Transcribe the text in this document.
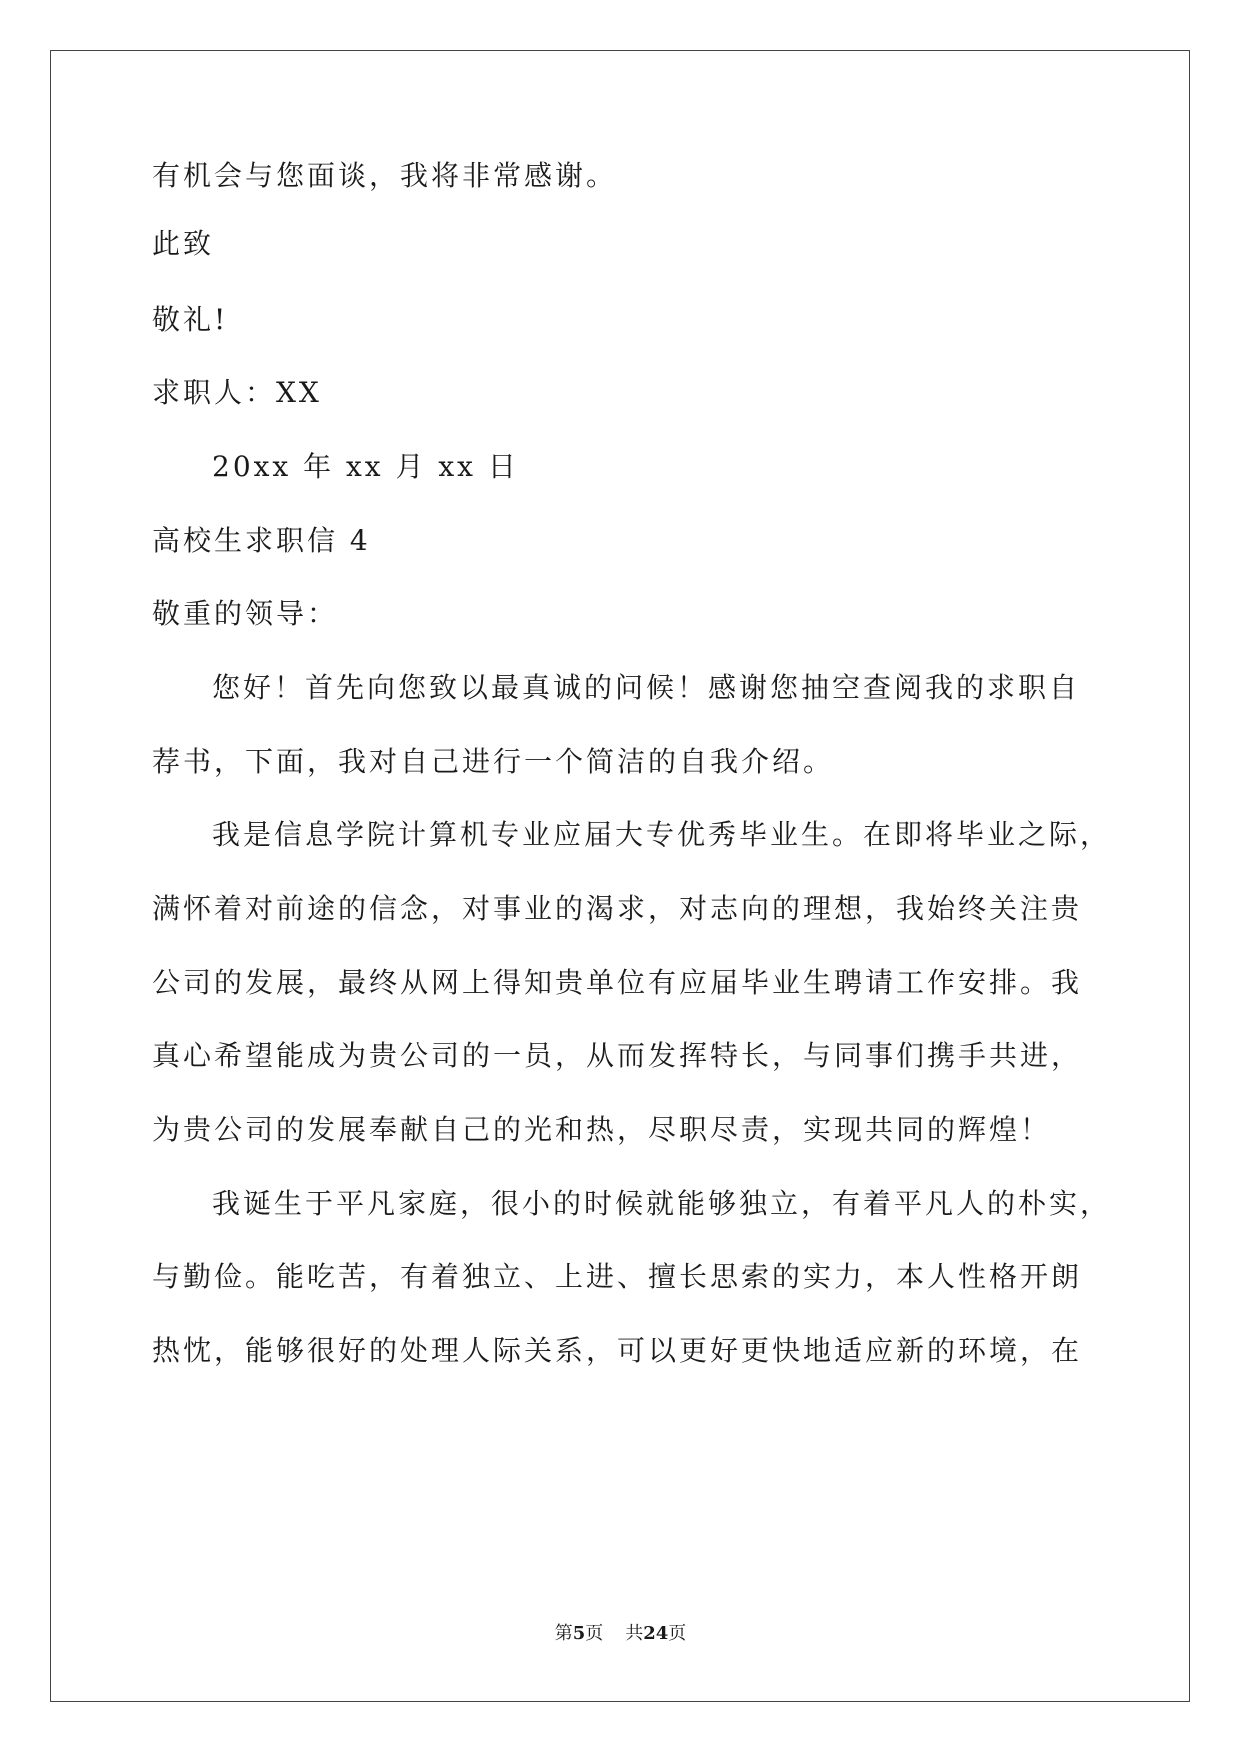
有机会与您面谈，我将非常感谢。
此致
敬礼!
求职人：XX
20xx 年 xx 月 xx 日
高校生求职信 4
敬重的领导：
您好！首先向您致以最真诚的问候！感谢您抽空查阅我的求职自
荐书，下面，我对自己进行一个简洁的自我介绍。
我是信息学院计算机专业应届大专优秀毕业生。在即将毕业之际，
满怀着对前途的信念，对事业的渴求，对志向的理想，我始终关注贵
公司的发展，最终从网上得知贵单位有应届毕业生聘请工作安排。我
真心希望能成为贵公司的一员，从而发挥特长，与同事们携手共进，
为贵公司的发展奉献自己的光和热，尽职尽责，实现共同的辉煌！
我诞生于平凡家庭，很小的时候就能够独立，有着平凡人的朴实，
与勤俭。能吃苦，有着独立、上进、擅长思索的实力，本人性格开朗
热忱，能够很好的处理人际关系，可以更好更快地适应新的环境，在
第5页 共24页
